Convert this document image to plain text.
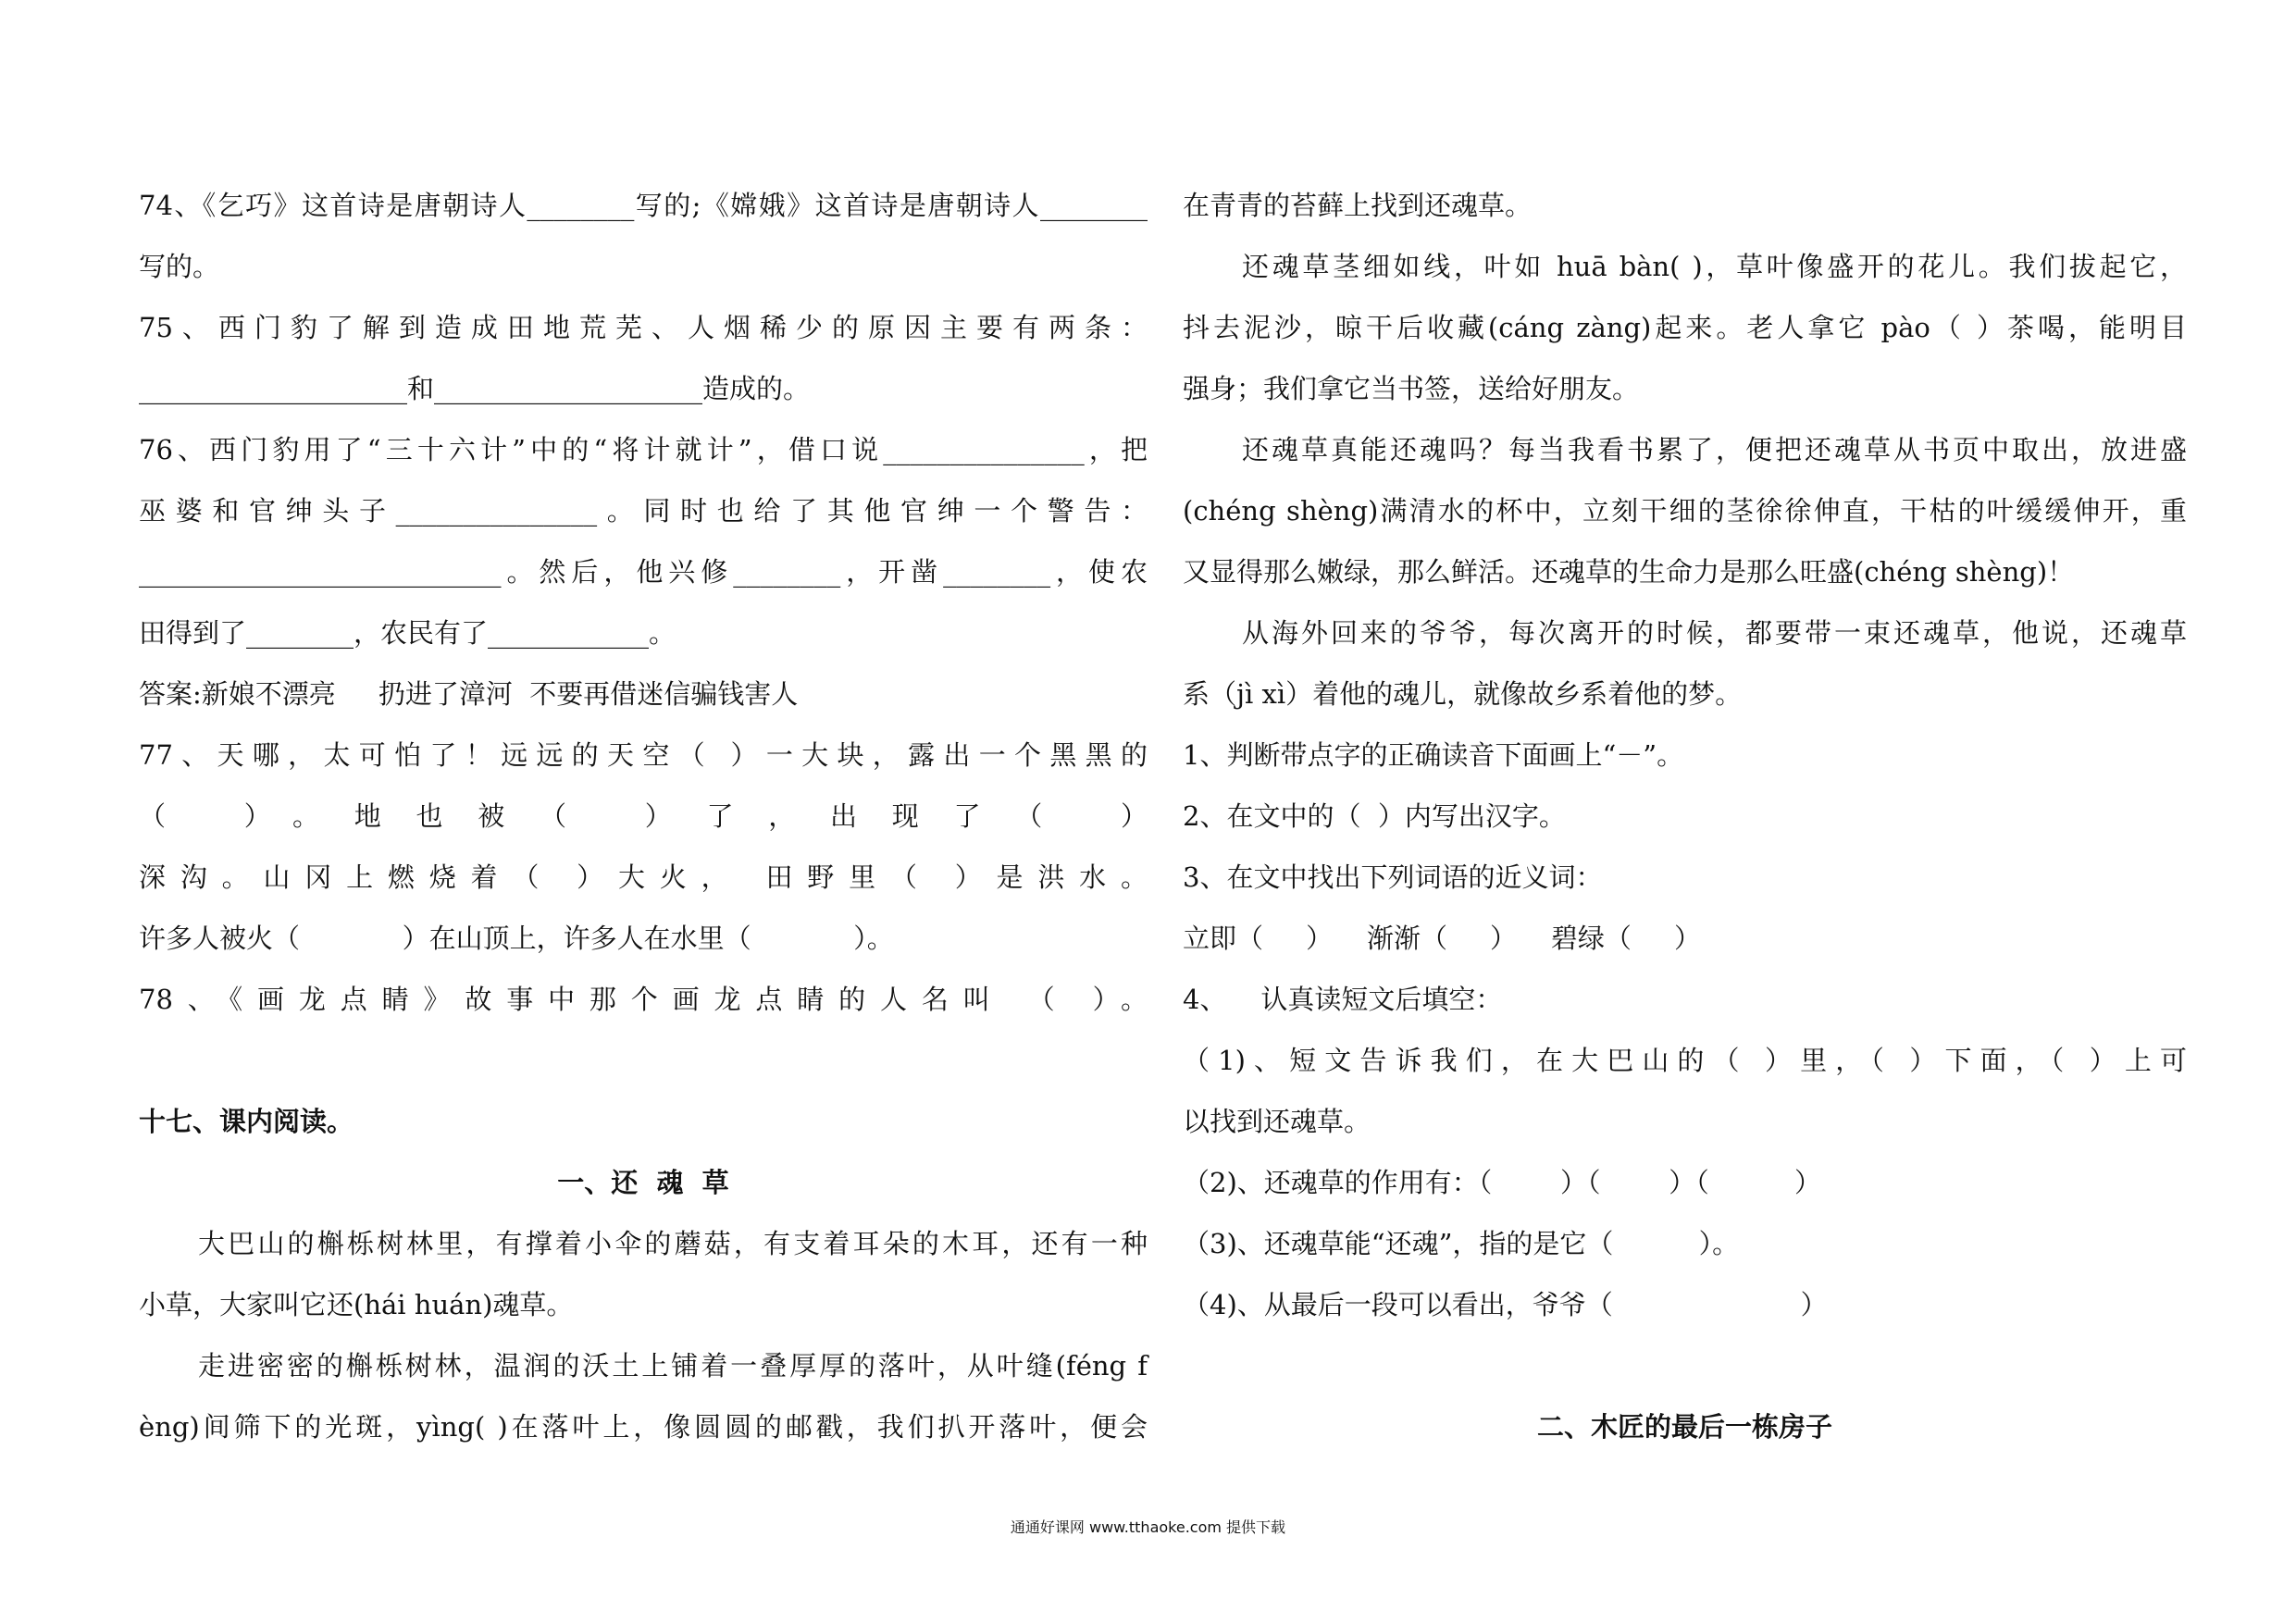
74、《乞巧》这首诗是唐朝诗人________写的;《嫦娥》这首诗是唐朝诗人________
写的。
75、西门豹了解到造成田地荒芜、人烟稀少的原因主要有两条：
____________________和____________________造成的。
76、西门豹用了“三十六计”中的“将计就计”，借口说_______________，把
巫婆和官绅头子_______________。同时也给了其他官绅一个警告：
___________________________。然后，他兴修________，开凿________，使农
田得到了________，农民有了____________。
答案:新娘不漂亮     扔进了漳河  不要再借迷信骗钱害人
77、天哪，太可怕了！远远的天空（ ）一大块，露出一个黑黑的
（ ）。地也被（ ）了，出现了（ ）
深沟。山冈上燃烧着（ ）大火， 田野里（ ）是洪水。
许多人被火（            ）在山顶上，许多人在水里（            ）。
78、《画龙点睛》故事中那个画龙点睛的人名叫 （ ）。
十七、课内阅读。
一、还  魂  草
大巴山的槲栎树林里，有撑着小伞的蘑菇，有支着耳朵的木耳，还有一种
小草，大家叫它还(hái huán)魂草。
走进密密的槲栎树林，温润的沃土上铺着一叠厚厚的落叶，从叶缝(féng f
èng)间筛下的光斑，yìng( )在落叶上，像圆圆的邮戳，我们扒开落叶，便会
在青青的苔藓上找到还魂草。
还魂草茎细如线，叶如 huā bàn( )，草叶像盛开的花儿。我们拔起它，
抖去泥沙，晾干后收藏(cáng zàng)起来。老人拿它 pào（ ）茶喝，能明目
强身；我们拿它当书签，送给好朋友。
还魂草真能还魂吗？每当我看书累了，便把还魂草从书页中取出，放进盛
(chéng shèng)满清水的杯中，立刻干细的茎徐徐伸直，干枯的叶缓缓伸开，重
又显得那么嫩绿，那么鲜活。还魂草的生命力是那么旺盛(chéng shèng)！
从海外回来的爷爷，每次离开的时候，都要带一束还魂草，他说，还魂草
系（jì xì）着他的魂儿，就像故乡系着他的梦。
1、判断带点字的正确读音下面画上“－”。
2、在文中的（  ）内写出汉字。
3、在文中找出下列词语的近义词：
立即（     ）    渐渐（     ）    碧绿（     ）
4、    认真读短文后填空：
（1)、短文告诉我们，在大巴山的（ ）里，（ ）下面，（ ）上可
以找到还魂草。
（2)、还魂草的作用有：（        ）（        ）（          ）
（3)、还魂草能“还魂”，指的是它（          ）。
（4)、从最后一段可以看出，爷爷（                      ）
二、木匠的最后一栋房子
通通好课网 www.tthaoke.com 提供下载
